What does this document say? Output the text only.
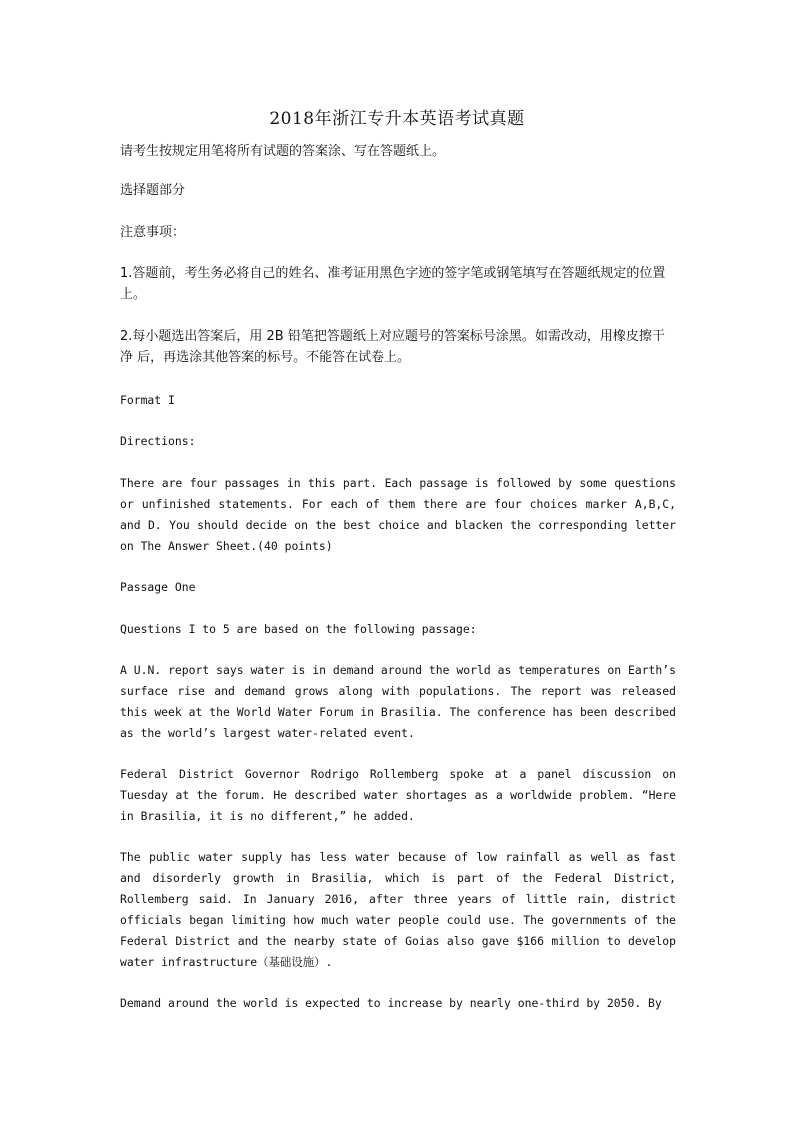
2018年浙江专升本英语考试真题
请考生按规定用笔将所有试题的答案涂、写在答题纸上。
选择题部分
注意事项：
1.答题前，考生务必将自己的姓名、准考证用黑色字迹的签字笔或钢笔填写在答题纸规定的位置上。
2.每小题选出答案后，用 2B 铅笔把答题纸上对应题号的答案标号涂黑。如需改动，用橡皮擦干净 后，再选涂其他答案的标号。不能答在试卷上。
Format I
Directions:
There are four passages in this part. Each passage is followed by some questions or unfinished statements. For each of them there are four choices marker A,B,C, and D. You should decide on the best choice and blacken the corresponding letter on The Answer Sheet.(40 points)
Passage One
Questions I to 5 are based on the following passage:
A U.N. report says water is in demand around the world as temperatures on Earth’s surface rise and demand grows along with populations. The report was released this week at the World Water Forum in Brasilia. The conference has been described as the world’s largest water-related event.
Federal District Governor Rodrigo Rollemberg spoke at a panel discussion on Tuesday at the forum. He described water shortages as a worldwide problem. “Here in Brasilia, it is no different,” he added.
The public water supply has less water because of low rainfall as well as fast and disorderly growth in Brasilia, which is part of the Federal District, Rollemberg said. In January 2016, after three years of little rain, district officials began limiting how much water people could use. The governments of the Federal District and the nearby state of Goias also gave $166 million to develop water infrastructure（基础设施）.
Demand around the world is expected to increase by nearly one-third by 2050. By
